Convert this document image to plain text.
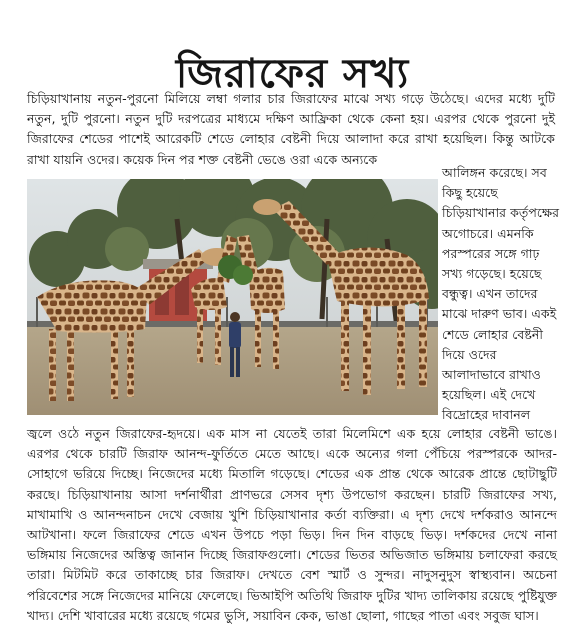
জিরাফের সখ্য

চিড়িয়াখানায় নতুন-পুরনো মিলিয়ে লম্বা গলার চার জিরাফের মাঝে সখ্য গড়ে উঠেছে। এদের মধ্যে দুটি নতুন, দুটি পুরনো। নতুন দুটি দরপত্রের মাধ্যমে দক্ষিণ আফ্রিকা থেকে কেনা হয়। এরপর থেকে পুরনো দুই জিরাফের শেডের পাশেই আরেকটি শেডে লোহার বেষ্টনী দিয়ে আলাদা করে রাখা হয়েছিল। কিন্তু আটকে রাখা যায়নি ওদের। কয়েক দিন পর শক্ত বেষ্টনী ভেঙে ওরা একে অন্যকে

আলিঙ্গন করেছে। সব কিছু হয়েছে চিড়িয়াখানার কর্তৃপক্ষের অগোচরে। এমনকি পরস্পরের সঙ্গে গাঢ় সখ্য গড়েছে। হয়েছে বন্ধুত্ব। এখন তাদের মাঝে দারুণ ভাব। একই শেডে লোহার বেষ্টনী দিয়ে ওদের আলাদাভাবে রাখাও হয়েছিল। এই দেখে বিদ্রোহের দাবানল

জ্বলে ওঠে নতুন জিরাফের-হৃদয়ে। এক মাস না যেতেই তারা মিলেমিশে এক হয়ে লোহার বেষ্টনী ভাঙে। এরপর থেকে চারটি জিরাফ আনন্দ-ফুর্তিতে মেতে আছে। একে অন্যের গলা পেঁচিয়ে পরস্পরকে আদর-সোহাগে ভরিয়ে দিচ্ছে। নিজেদের মধ্যে মিতালি গড়েছে। শেডের এক প্রান্ত থেকে আরেক প্রান্তে ছোটাছুটি করছে। চিড়িয়াখানায় আসা দর্শনার্থীরা প্রাণভরে সেসব দৃশ্য উপভোগ করছেন। চারটি জিরাফের সখ্য, মাখামাখি ও আনন্দনাচন দেখে বেজায় খুশি চিড়িয়াখানার কর্তা ব্যক্তিরা। এ দৃশ্য দেখে দর্শকরাও আনন্দে আটখানা। ফলে জিরাফের শেডে এখন উপচে পড়া ভিড়। দিন দিন বাড়ছে ভিড়। দর্শকদের দেখে নানা ভঙ্গিমায় নিজেদের অস্তিত্ব জানান দিচ্ছে জিরাফগুলো। শেডের ভিতর অভিজাত ভঙ্গিমায় চলাফেরা করছে তারা। মিটমিট করে তাকাচ্ছে চার জিরাফ। দেখতে বেশ স্মার্ট ও সুন্দর। নাদুসনুদুস স্বাস্থ্যবান। অচেনা পরিবেশের সঙ্গে নিজেদের মানিয়ে ফেলেছে। ভিআইপি অতিথি জিরাফ দুটির খাদ্য তালিকায় রয়েছে পুষ্টিযুক্ত খাদ্য। দেশি খাবারের মধ্যে রয়েছে গমের ভুসি, সয়াবিন কেক, ভাঙা ছোলা, গাছের পাতা এবং সবুজ ঘাস।
